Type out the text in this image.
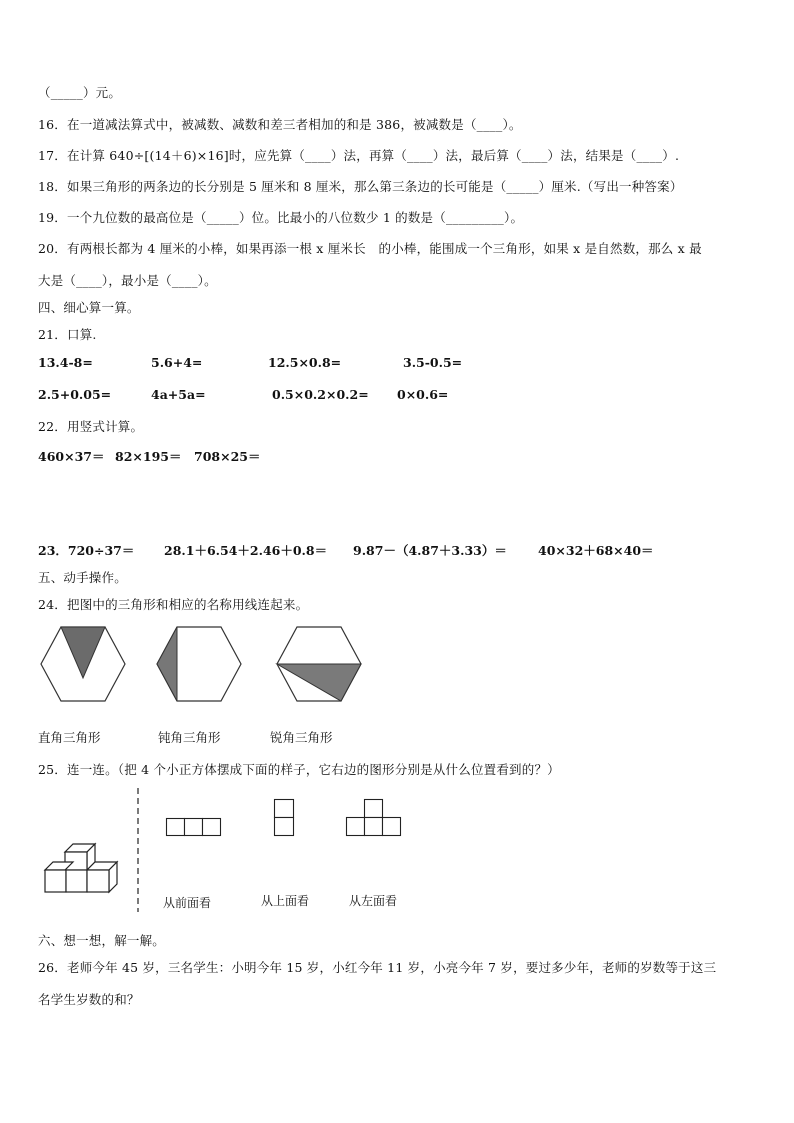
（_____）元。
16．在一道减法算式中，被减数、减数和差三者相加的和是 386，被减数是（____）。
17．在计算 640÷[(14＋6)×16]时，应先算（____）法，再算（____）法，最后算（____）法，结果是（____）.
18．如果三角形的两条边的长分别是 5 厘米和 8 厘米，那么第三条边的长可能是（_____）厘米.（写出一种答案）
19．一个九位数的最高位是（_____）位。比最小的八位数少 1 的数是（_________）。
20．有两根长都为 4 厘米的小棒，如果再添一根 x 厘米长　的小棒，能围成一个三角形，如果 x 是自然数，那么 x 最
大是（____），最小是（____）。
四、细心算一算。
21．口算.
13.4-8=	5.6+4=	12.5×0.8=	3.5-0.5=
2.5+0.05=	4a+5a=	0.5×0.2×0.2= 0×0.6=
22．用竖式计算。
460×37＝ 82×195＝ 708×25＝
23．720÷37＝ 28.1＋6.54＋2.46＋0.8＝ 9.87－（4.87＋3.33）＝ 40×32＋68×40＝
五、动手操作。
24．把图中的三角形和相应的名称用线连起来。
直角三角形	钝角三角形	锐角三角形
25．连一连。（把 4 个小正方体摆成下面的样子，它右边的图形分别是从什么位置看到的？）
从前面看	从上面看	从左面看
六、想一想，解一解。
26．老师今年 45 岁，三名学生：小明今年 15 岁，小红今年 11 岁，小亮今年 7 岁，要过多少年，老师的岁数等于这三
名学生岁数的和？
